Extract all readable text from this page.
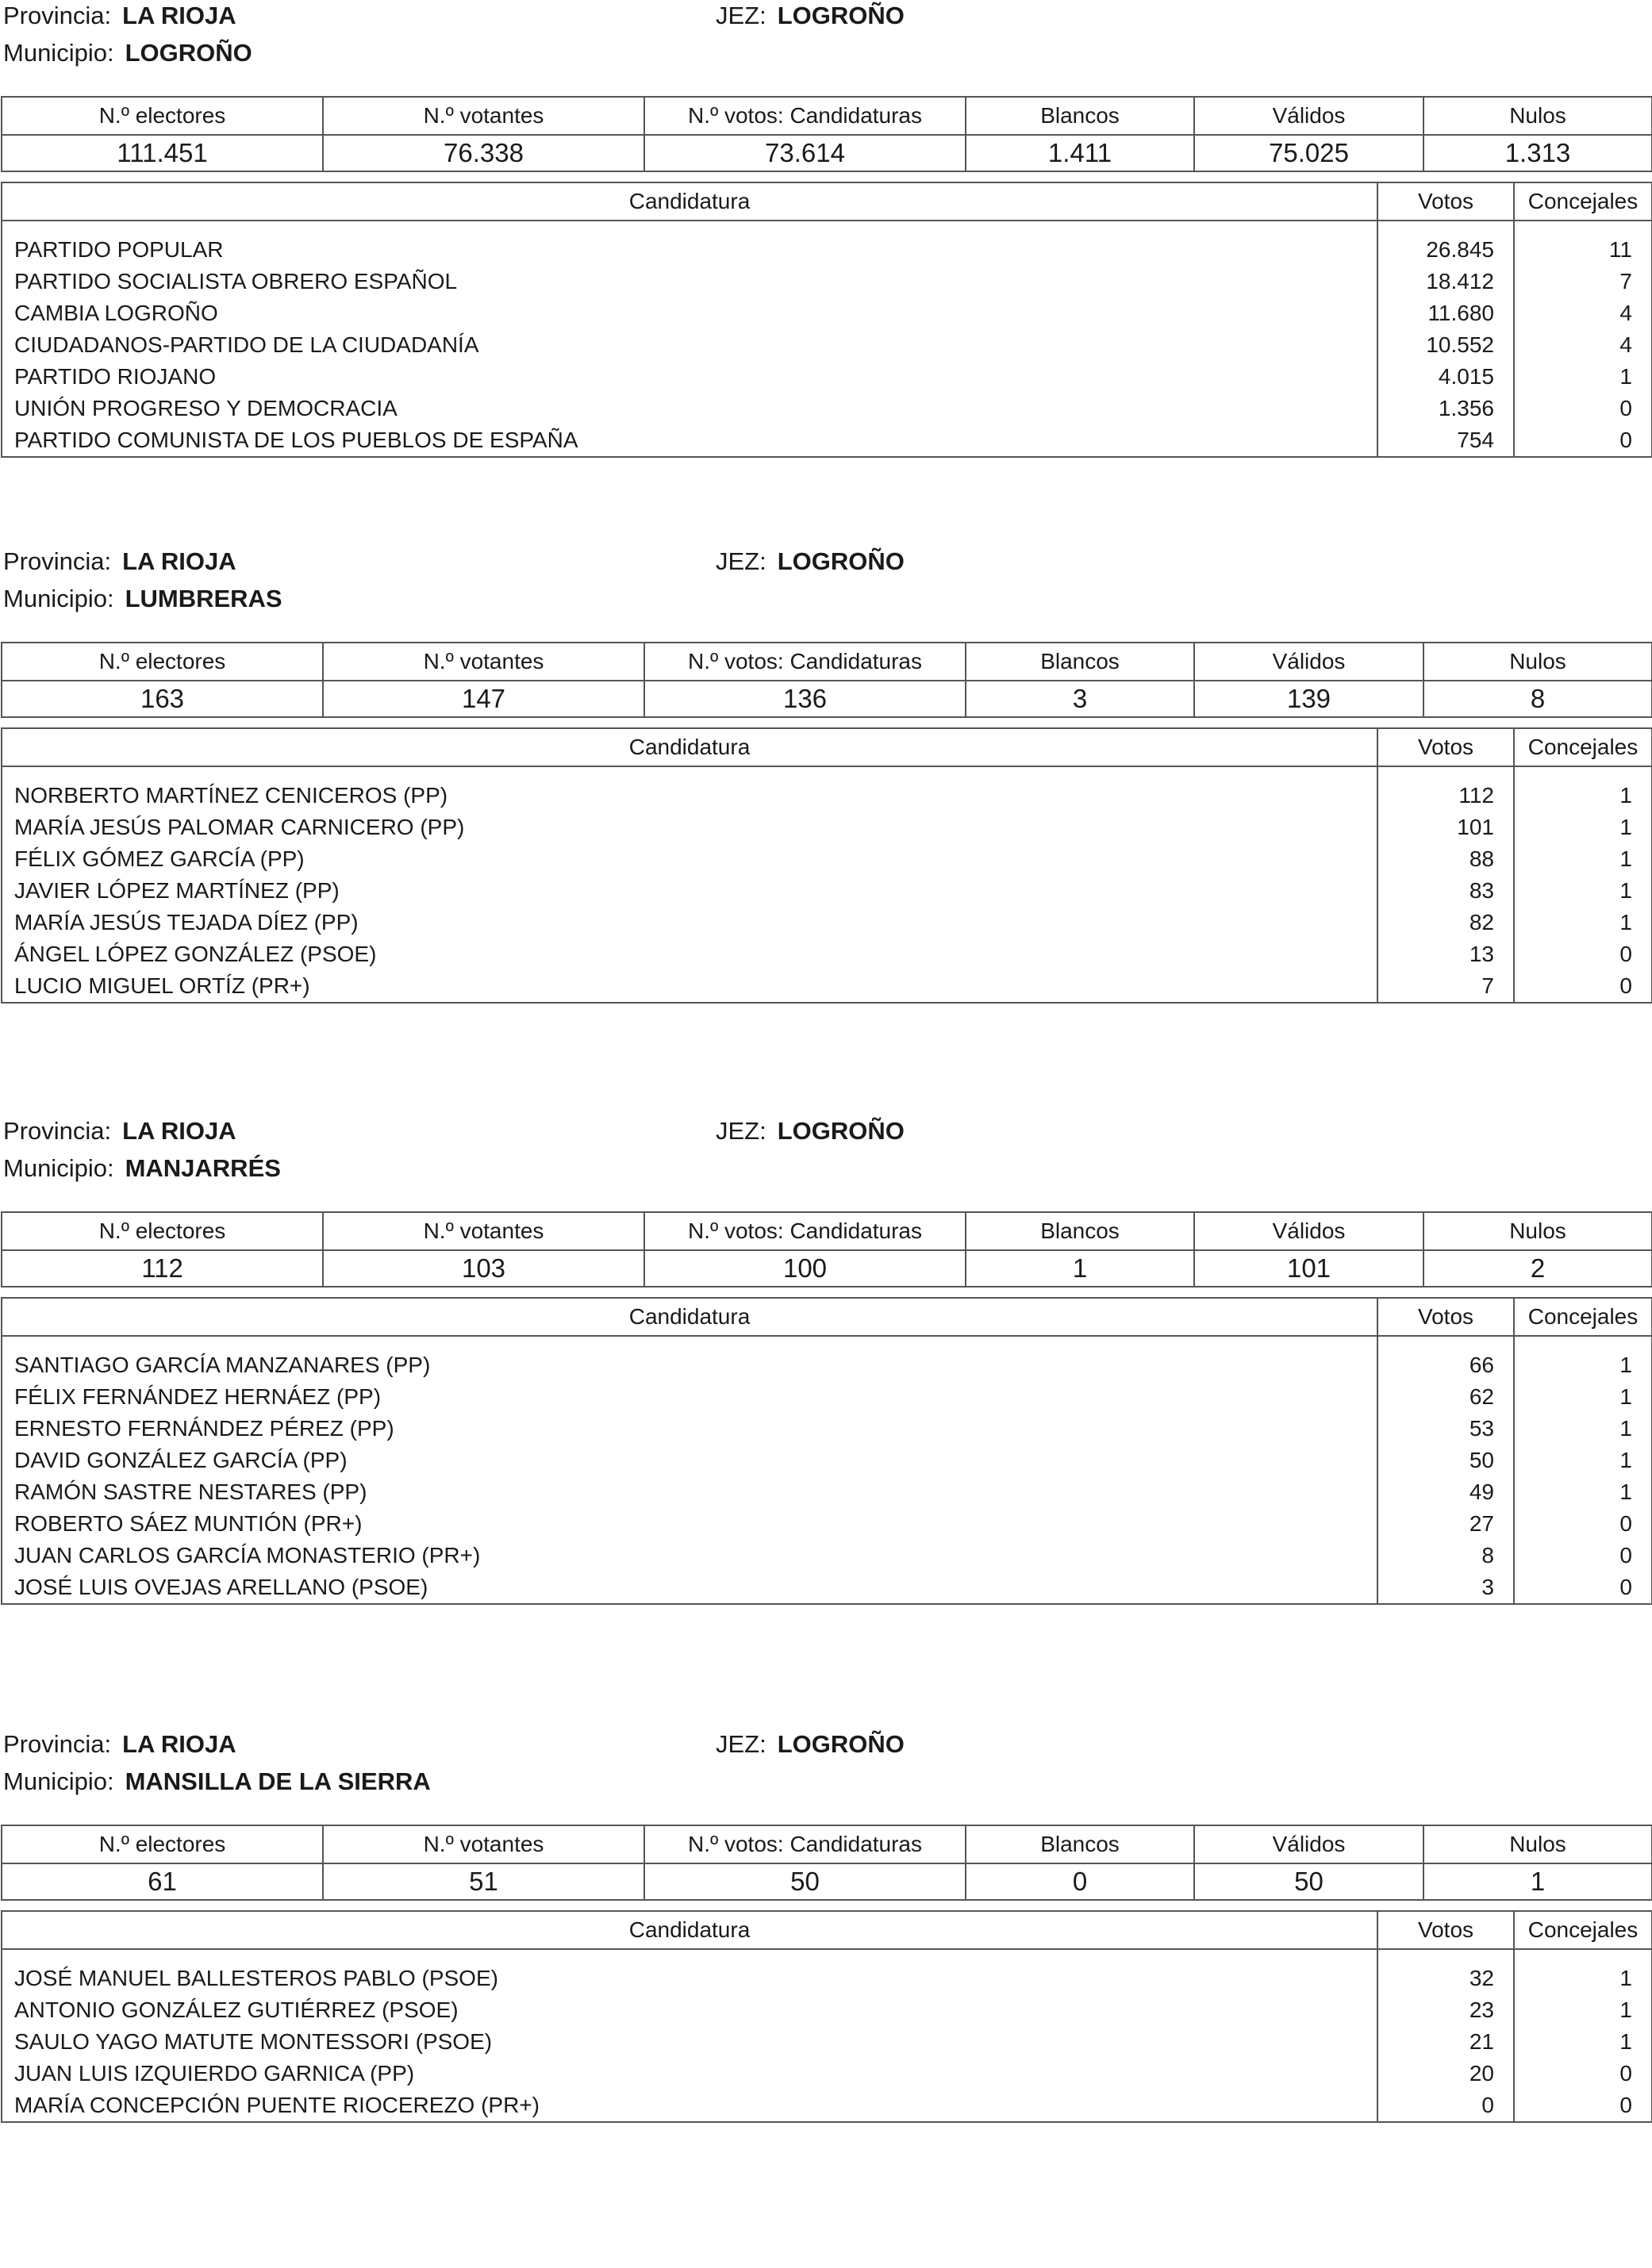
Provincia: LA RIOJA	JEZ: LOGROÑO
Municipio: LOGROÑO
N.º electores	N.º votantes	N.º votos: Candidaturas	Blancos	Válidos	Nulos
111.451	76.338	73.614	1.411	75.025	1.313
Candidatura	Votos	Concejales
PARTIDO POPULAR	26.845	11
PARTIDO SOCIALISTA OBRERO ESPAÑOL	18.412	7
CAMBIA LOGROÑO	11.680	4
CIUDADANOS-PARTIDO DE LA CIUDADANÍA	10.552	4
PARTIDO RIOJANO	4.015	1
UNIÓN PROGRESO Y DEMOCRACIA	1.356	0
PARTIDO COMUNISTA DE LOS PUEBLOS DE ESPAÑA	754	0
Provincia: LA RIOJA	JEZ: LOGROÑO
Municipio: LUMBRERAS
N.º electores	N.º votantes	N.º votos: Candidaturas	Blancos	Válidos	Nulos
163	147	136	3	139	8
Candidatura	Votos	Concejales
NORBERTO MARTÍNEZ CENICEROS (PP)	112	1
MARÍA JESÚS PALOMAR CARNICERO (PP)	101	1
FÉLIX GÓMEZ GARCÍA (PP)	88	1
JAVIER LÓPEZ MARTÍNEZ (PP)	83	1
MARÍA JESÚS TEJADA DÍEZ (PP)	82	1
ÁNGEL LÓPEZ GONZÁLEZ (PSOE)	13	0
LUCIO MIGUEL ORTÍZ (PR+)	7	0
Provincia: LA RIOJA	JEZ: LOGROÑO
Municipio: MANJARRÉS
N.º electores	N.º votantes	N.º votos: Candidaturas	Blancos	Válidos	Nulos
112	103	100	1	101	2
Candidatura	Votos	Concejales
SANTIAGO GARCÍA MANZANARES (PP)	66	1
FÉLIX FERNÁNDEZ HERNÁEZ (PP)	62	1
ERNESTO FERNÁNDEZ PÉREZ (PP)	53	1
DAVID GONZÁLEZ GARCÍA (PP)	50	1
RAMÓN SASTRE NESTARES (PP)	49	1
ROBERTO SÁEZ MUNTIÓN (PR+)	27	0
JUAN CARLOS GARCÍA MONASTERIO (PR+)	8	0
JOSÉ LUIS OVEJAS ARELLANO (PSOE)	3	0
Provincia: LA RIOJA	JEZ: LOGROÑO
Municipio: MANSILLA DE LA SIERRA
N.º electores	N.º votantes	N.º votos: Candidaturas	Blancos	Válidos	Nulos
61	51	50	0	50	1
Candidatura	Votos	Concejales
JOSÉ MANUEL BALLESTEROS PABLO (PSOE)	32	1
ANTONIO GONZÁLEZ GUTIÉRREZ (PSOE)	23	1
SAULO YAGO MATUTE MONTESSORI (PSOE)	21	1
JUAN LUIS IZQUIERDO GARNICA (PP)	20	0
MARÍA CONCEPCIÓN PUENTE RIOCEREZO (PR+)	0	0
